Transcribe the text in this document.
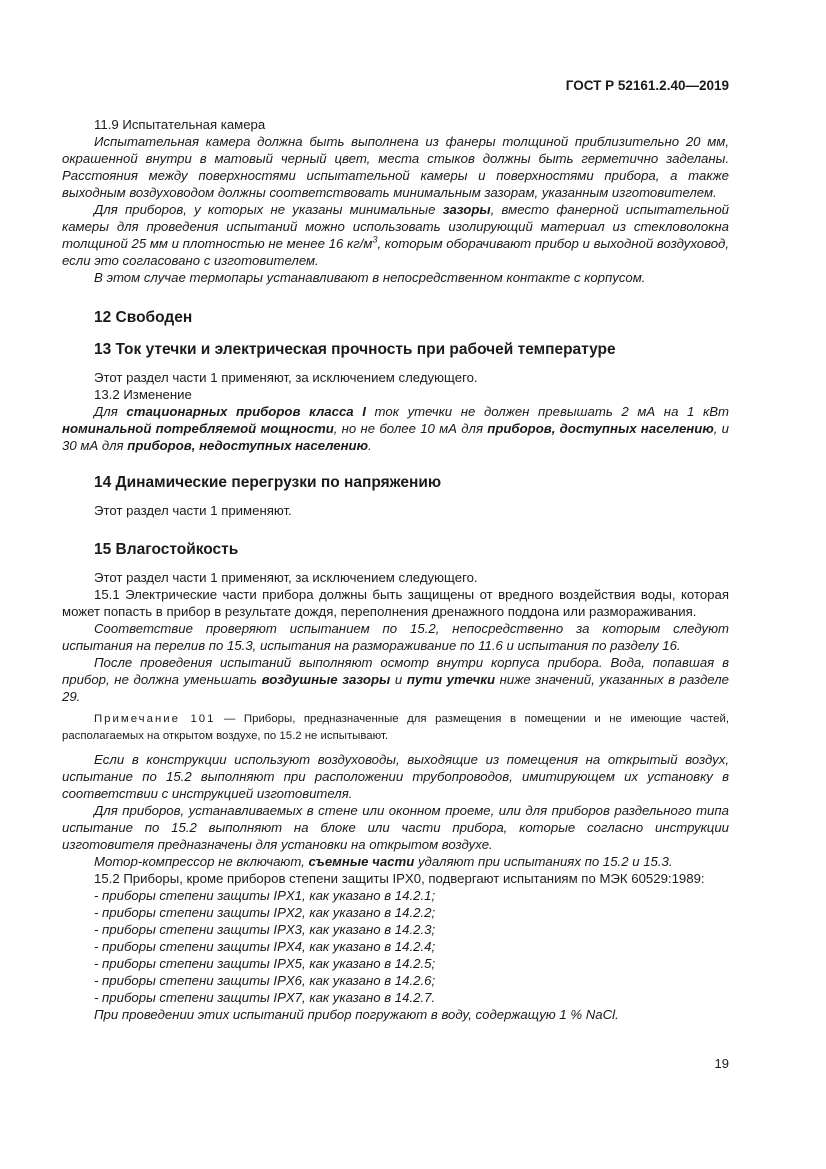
ГОСТ Р 52161.2.40—2019

11.9 Испытательная камера

Испытательная камера должна быть выполнена из фанеры толщиной приблизительно 20 мм, окрашенной внутри в матовый черный цвет, места стыков должны быть герметично заделаны. Расстояния между поверхностями испытательной камеры и поверхностями прибора, а также выходным воздуховодом должны соответствовать минимальным зазорам, указанным изготовителем.

Для приборов, у которых не указаны минимальные зазоры, вместо фанерной испытательной камеры для проведения испытаний можно использовать изолирующий материал из стекловолокна толщиной 25 мм и плотностью не менее 16 $кг/м^3$, которым оборачивают прибор и выходной воздуховод, если это согласовано с изготовителем.

В этом случае термопары устанавливают в непосредственном контакте с корпусом.

12 Свободен
13 Ток утечки и электрическая прочность при рабочей температуре

Этот раздел части 1 применяют, за исключением следующего.

13.2 Изменение

Для стационарных приборов класса I ток утечки не должен превышать 2 мА на 1 кВт номинальной потребляемой мощности, но не более 10 мА для приборов, доступных населению, и 30 мА для приборов, недоступных населению.

14 Динамические перегрузки по напряжению

Этот раздел части 1 применяют.

15 Влагостойкость

Этот раздел части 1 применяют, за исключением следующего.

15.1 Электрические части прибора должны быть защищены от вредного воздействия воды, которая может попасть в прибор в результате дождя, переполнения дренажного поддона или размораживания.

Соответствие проверяют испытанием по 15.2, непосредственно за которым следуют испытания на перелив по 15.3, испытания на размораживание по 11.6 и испытания по разделу 16.

После проведения испытаний выполняют осмотр внутри корпуса прибора. Вода, попавшая в прибор, не должна уменьшать воздушные зазоры и пути утечки ниже значений, указанных в разделе 29.

Примечание 101 — Приборы, предназначенные для размещения в помещении и не имеющие частей, располагаемых на открытом воздухе, по 15.2 не испытывают.

Если в конструкции используют воздуховоды, выходящие из помещения на открытый воздух, испытание по 15.2 выполняют при расположении трубопроводов, имитирующем их установку в соответствии с инструкцией изготовителя.

Для приборов, устанавливаемых в стене или оконном проеме, или для приборов раздельного типа испытание по 15.2 выполняют на блоке или части прибора, которые согласно инструкции изготовителя предназначены для установки на открытом воздухе.

Мотор-компрессор не включают, съемные части удаляют при испытаниях по 15.2 и 15.3.

15.2 Приборы, кроме приборов степени защиты IPX0, подвергают испытаниям по МЭК 60529:1989:

- приборы степени защиты IPX1, как указано в 14.2.1;

- приборы степени защиты IPX2, как указано в 14.2.2;

- приборы степени защиты IPX3, как указано в 14.2.3;

- приборы степени защиты IPX4, как указано в 14.2.4;

- приборы степени защиты IPX5, как указано в 14.2.5;

- приборы степени защиты IPX6, как указано в 14.2.6;

- приборы степени защиты IPX7, как указано в 14.2.7.

При проведении этих испытаний прибор погружают в воду, содержащую 1 % NaCl.

19
